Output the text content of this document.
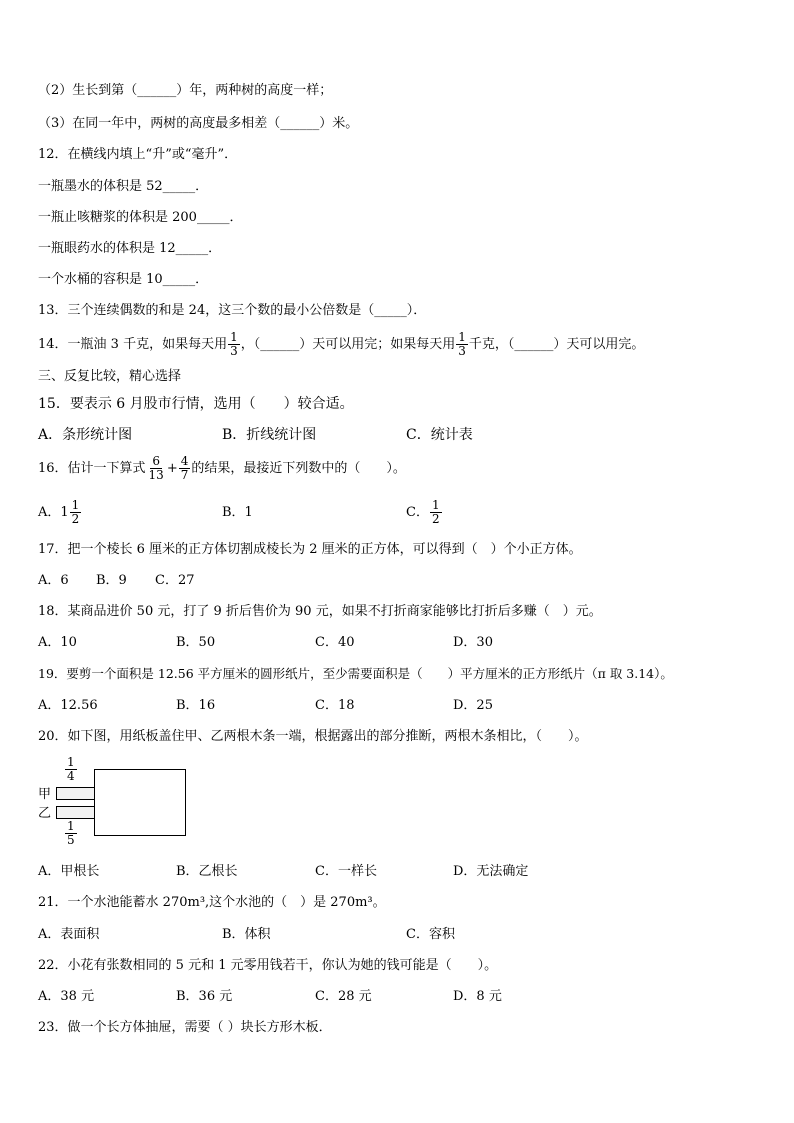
（2）生长到第（______）年，两种树的高度一样；
（3）在同一年中，两树的高度最多相差（______）米。
12．在横线内填上“升”或“毫升”．
一瓶墨水的体积是 52_____．
一瓶止咳糖浆的体积是 200_____．
一瓶眼药水的体积是 12_____．
一个水桶的容积是 10_____．
13．三个连续偶数的和是 24，这三个数的最小公倍数是（_____）．
14．一瓶油 3 千克，如果每天用 $\frac{1}{3}$ ，（______）天可以用完；如果每天用 $\frac{1}{3}$ 千克，（______）天可以用完。
三、反复比较，精心选择
15．要表示 6 月股市行情，选用（　　）较合适。
A．条形统计图	B．折线统计图	C．统计表
16．估计一下算式 $\frac{6}{13} + \frac{4}{7}$ 的结果，最接近下列数中的（　　）。
A．$1 \frac{1}{2}$	B．1	C． $\frac{1}{2}$
17．把一个棱长 6 厘米的正方体切割成棱长为 2 厘米的正方体，可以得到（　）个小正方体。
A．6 B．9 C．27
18．某商品进价 50 元，打了 9 折后售价为 90 元，如果不打折商家能够比打折后多赚（　）元。
A．10	B．50	C．40	D．30
19．要剪一个面积是 12.56 平方厘米的圆形纸片，至少需要面积是（　　）平方厘米的正方形纸片（π 取 3.14）。
A．12.56	B．16	C．18	D．25
20．如下图，用纸板盖住甲、乙两根木条一端，根据露出的部分推断，两根木条相比，（　　）。
$\frac{1}{4}$
甲
乙
$\frac{1}{5}$
A．甲根长	B．乙根长	C．一样长	D．无法确定
21．一个水池能蓄水 270m³,这个水池的（　）是 270m³。
A．表面积	B．体积	C．容积
22．小花有张数相同的 5 元和 1 元零用钱若干，你认为她的钱可能是（　　）。
A．38 元	B．36 元	C．28 元	D．8 元
23．做一个长方体抽屉，需要（ ）块长方形木板．
